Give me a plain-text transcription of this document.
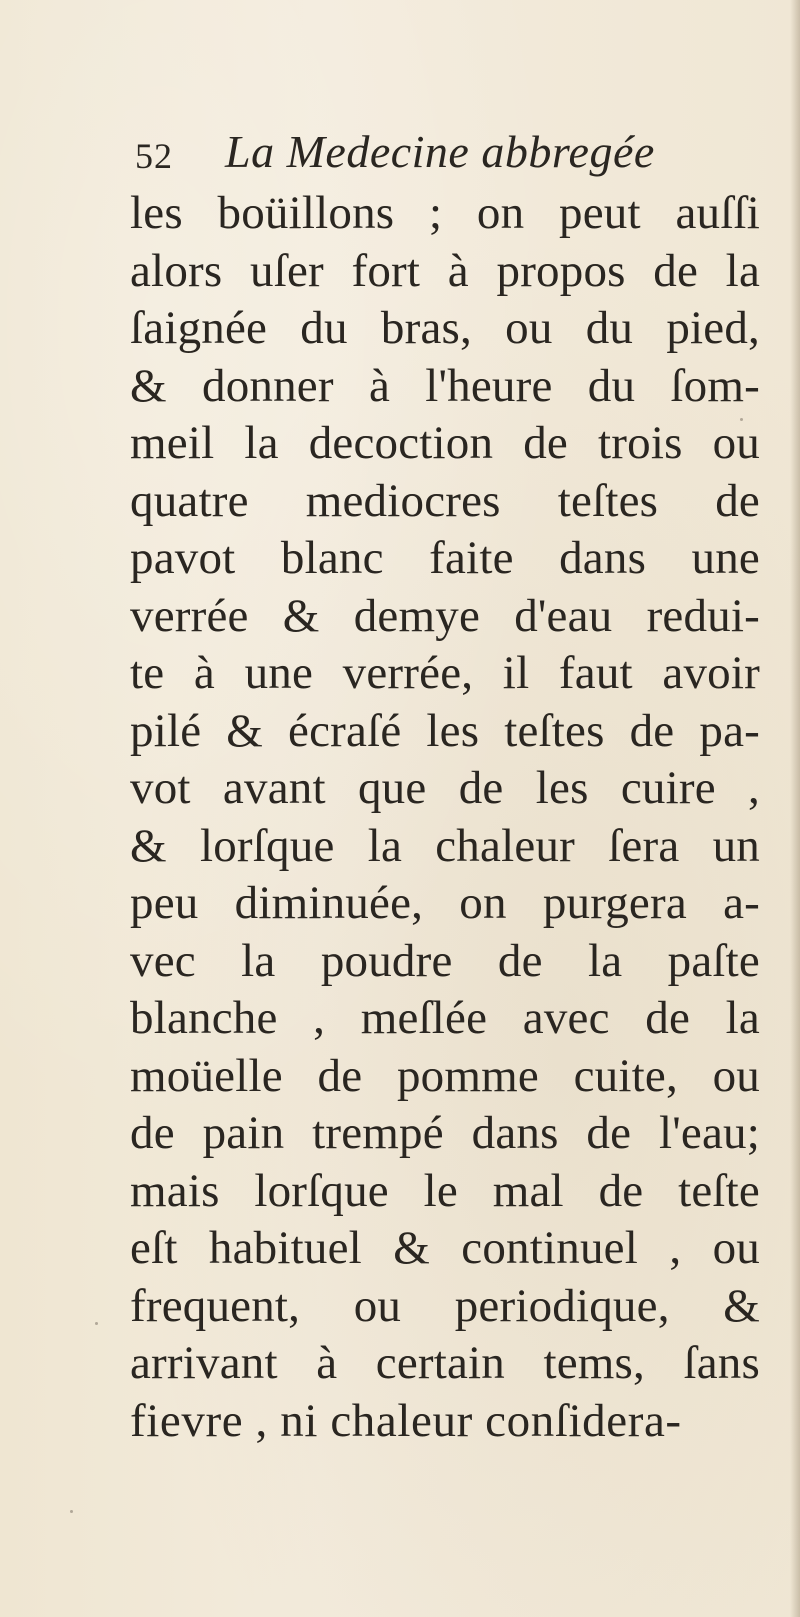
52 La Medecine abbregée
les boüillons ; on peut auſſi
alors uſer fort à propos de la
ſaignée du bras, ou du pied,
& donner à l'heure du ſom-
meil la decoction de trois ou
quatre mediocres teſtes de
pavot blanc faite dans une
verrée & demye d'eau redui-
te à une verrée, il faut avoir
pilé & écraſé les teſtes de pa-
vot avant que de les cuire ,
& lorſque la chaleur ſera un
peu diminuée, on purgera a-
vec la poudre de la paſte
blanche , meſlée avec de la
moüelle de pomme cuite, ou
de pain trempé dans de l'eau;
mais lorſque le mal de teſte
eſt habituel & continuel , ou
frequent, ou periodique, &
arrivant à certain tems, ſans
fievre , ni chaleur conſidera-
